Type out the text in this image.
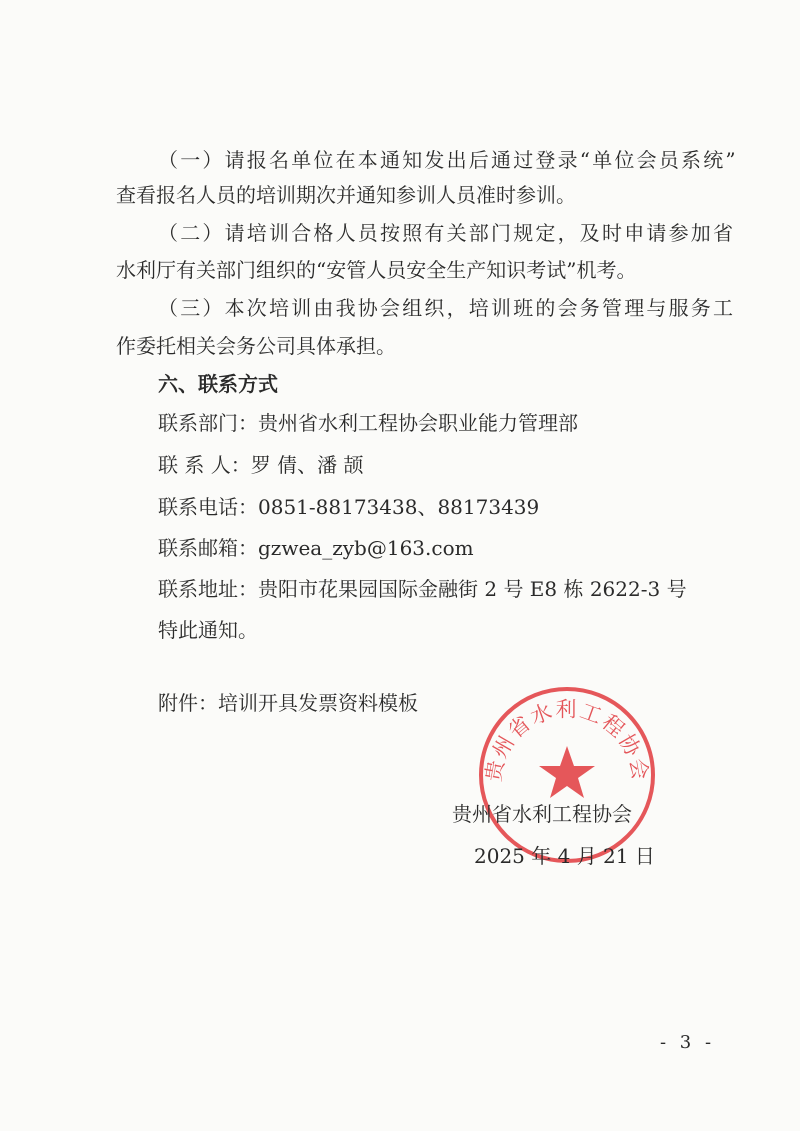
（一）请报名单位在本通知发出后通过登录“单位会员系统”
查看报名人员的培训期次并通知参训人员准时参训。
（二）请培训合格人员按照有关部门规定，及时申请参加省
水利厅有关部门组织的“安管人员安全生产知识考试”机考。
（三）本次培训由我协会组织，培训班的会务管理与服务工
作委托相关会务公司具体承担。
六、联系方式
联系部门：贵州省水利工程协会职业能力管理部
联 系 人：罗 倩、潘 颉
联系电话：0851-88173438、88173439
联系邮箱：gzwea_zyb@163.com
联系地址：贵阳市花果园国际金融街 2 号 E8 栋 2622-3 号
特此通知。
附件：培训开具发票资料模板
贵州省水利工程协会
贵州省水利工程协会
2025 年 4 月 21 日
- 3 -
